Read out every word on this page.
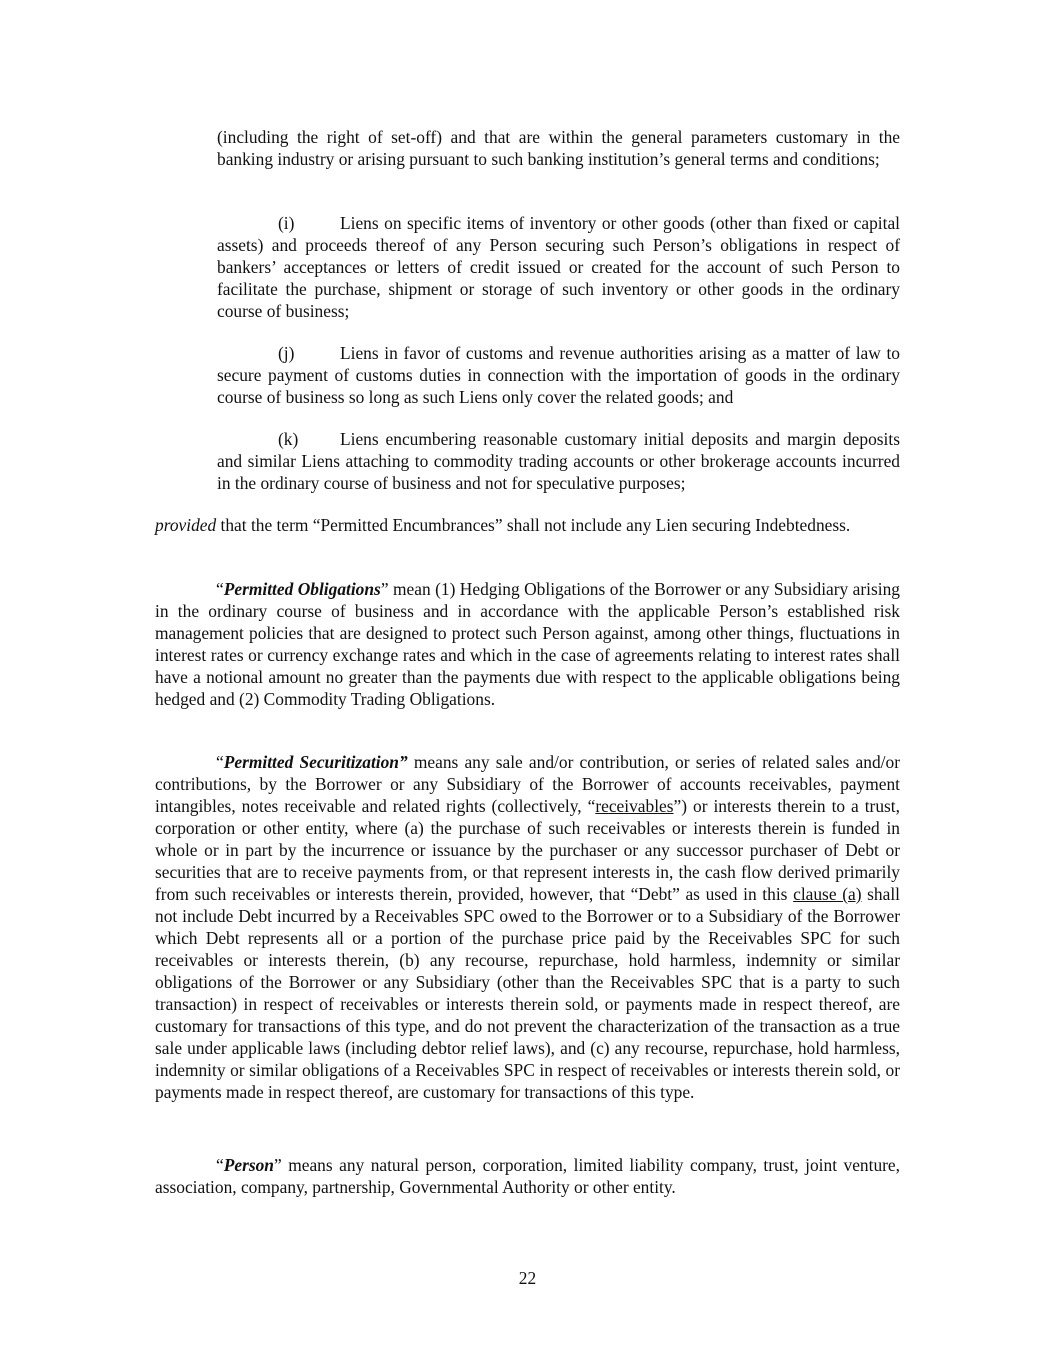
(including the right of set-off) and that are within the general parameters customary in the banking industry or arising pursuant to such banking institution’s general terms and conditions;

(i)	Liens on specific items of inventory or other goods (other than fixed or capital assets) and proceeds thereof of any Person securing such Person’s obligations in respect of bankers’ acceptances or letters of credit issued or created for the account of such Person to facilitate the purchase, shipment or storage of such inventory or other goods in the ordinary course of business;

(j)	Liens in favor of customs and revenue authorities arising as a matter of law to secure payment of customs duties in connection with the importation of goods in the ordinary course of business so long as such Liens only cover the related goods; and

(k) Liens encumbering reasonable customary initial deposits and margin deposits and similar Liens attaching to commodity trading accounts or other brokerage accounts incurred in the ordinary course of business and not for speculative purposes;

provided that the term “Permitted Encumbrances” shall not include any Lien securing Indebtedness.

“Permitted Obligations” mean (1) Hedging Obligations of the Borrower or any Subsidiary arising in the ordinary course of business and in accordance with the applicable Person’s established risk management policies that are designed to protect such Person against, among other things, fluctuations in interest rates or currency exchange rates and which in the case of agreements relating to interest rates shall have a notional amount no greater than the payments due with respect to the applicable obligations being hedged and (2) Commodity Trading Obligations.

“Permitted Securitization” means any sale and/or contribution, or series of related sales and/or contributions, by the Borrower or any Subsidiary of the Borrower of accounts receivables, payment intangibles, notes receivable and related rights (collectively, “receivables”) or interests therein to a trust, corporation or other entity, where (a) the purchase of such receivables or interests therein is funded in whole or in part by the incurrence or issuance by the purchaser or any successor purchaser of Debt or securities that are to receive payments from, or that represent interests in, the cash flow derived primarily from such receivables or interests therein, provided, however, that “Debt” as used in this clause (a) shall not include Debt incurred by a Receivables SPC owed to the Borrower or to a Subsidiary of the Borrower which Debt represents all or a portion of the purchase price paid by the Receivables SPC for such receivables or interests therein, (b) any recourse, repurchase, hold harmless, indemnity or similar obligations of the Borrower or any Subsidiary (other than the Receivables SPC that is a party to such transaction) in respect of receivables or interests therein sold, or payments made in respect thereof, are customary for transactions of this type, and do not prevent the characterization of the transaction as a true sale under applicable laws (including debtor relief laws), and (c) any recourse, repurchase, hold harmless, indemnity or similar obligations of a Receivables SPC in respect of receivables or interests therein sold, or payments made in respect thereof, are customary for transactions of this type.

“Person” means any natural person, corporation, limited liability company, trust, joint venture, association, company, partnership, Governmental Authority or other entity.

22
